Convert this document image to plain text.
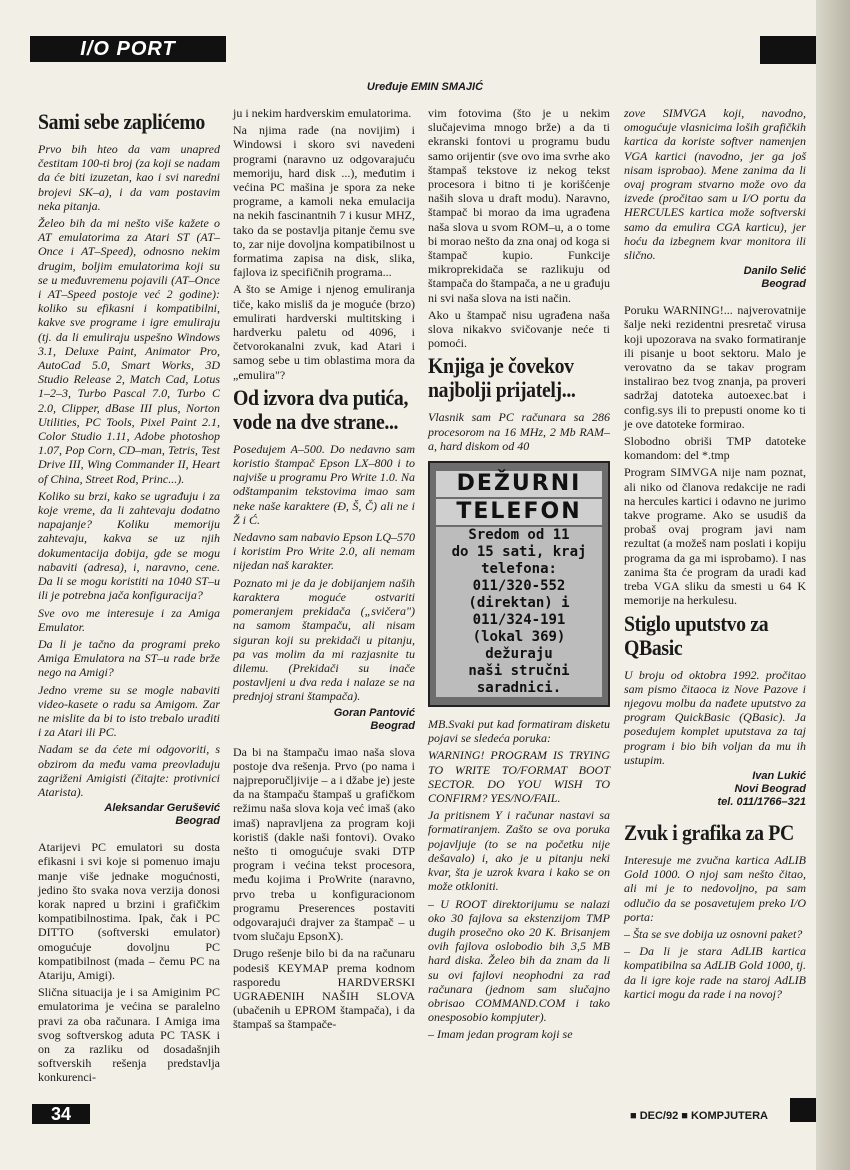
I/O PORT
Uređuje EMIN SMAJIĆ
Sami sebe zaplićemo

Prvo bih hteo da vam unapred čestitam 100-ti broj (za koji se nadam da će biti izuzetan, kao i svi naredni brojevi SK–a), i da vam postavim neka pitanja.

Želeo bih da mi nešto više kažete o AT emulatorima za Atari ST (AT–Once i AT–Speed), odnosno nekim drugim, boljim emulatorima koji su se u međuvremenu pojavili (AT–Once i AT–Speed postoje već 2 godine): koliko su efikasni i kompatibilni, kakve sve programe i igre emuliraju (tj. da li emuliraju uspešno Windows 3.1, Deluxe Paint, Animator Pro, AutoCad 5.0, Smart Works, 3D Studio Release 2, Match Cad, Lotus 1–2–3, Turbo Pascal 7.0, Turbo C 2.0, Clipper, dBase III plus, Norton Utilities, PC Tools, Pixel Paint 2.1, Color Studio 1.11, Adobe photoshop 1.07, Pop Corn, CD–man, Tetris, Test Drive III, Wing Commander II, Heart of China, Street Rod, Princ...).

Koliko su brzi, kako se ugrađuju i za koje vreme, da li zahtevaju dodatno napajanje? Koliku memoriju zahtevaju, kakva se uz njih dokumentacija dobija, gde se mogu nabaviti (adresa), i, naravno, cene. Da li se mogu koristiti na 1040 ST–u ili je potrebna jača konfiguracija?

Sve ovo me interesuje i za Amiga Emulator.

Da li je tačno da programi preko Amiga Emulatora na ST–u rade brže nego na Amigi?

Jedno vreme su se mogle nabaviti video-kasete o radu sa Amigom. Zar ne mislite da bi to isto trebalo uraditi i za Atari ili PC.

Nadam se da ćete mi odgovoriti, s obzirom da među vama preovladuju zagriženi Amigisti (čitajte: protivnici Atarista).

Aleksandar Gerušević
Beograd

Atarijevi PC emulatori su dosta efikasni i svi koje si pomenuo imaju manje više jednake mogućnosti, jedino što svaka nova verzija donosi korak napred u brzini i grafičkim kompatibilnostima. Ipak, čak i PC DITTO (softverski emulator) omogućuje dovoljnu PC kompatibilnost (mada – čemu PC na Atariju, Amigi).

Slična situacija je i sa Amiginim PC emulatorima je većina se paralelno pravi za oba računara. I Amiga ima svog softverskog aduta PC TASK i on za razliku od dosadašnjih softverskih rešenja predstavlja konkurenci-

ju i nekim hardverskim emulatorima.

Na njima rade (na novijim) i Windowsi i skoro svi navedeni programi (naravno uz odgovarajuću memoriju, hard disk ...), međutim i većina PC mašina je spora za neke programe, a kamoli neka emulacija na nekih fascinantnih 7 i kusur MHZ, tako da se postavlja pitanje čemu sve to, zar nije dovoljna kompatibilnost u formatima zapisa na disk, slika, fajlova iz specifičnih programa...

A što se Amige i njenog emuliranja tiče, kako misliš da je moguće (brzo) emulirati hardverski multitsking i hardverku paletu od 4096, i četvorokanalni zvuk, kad Atari i samog sebe u tim oblastima mora da „emulira"?

Od izvora dva putića, vode na dve strane...

Posedujem A–500. Do nedavno sam koristio štampač Epson LX–800 i to najviše u programu Pro Write 1.0. Na odštampanim tekstovima imao sam neke naše karaktere (Đ, Š, Č) ali ne i Ž i Ć.

Nedavno sam nabavio Epson LQ–570 i koristim Pro Write 2.0, ali nemam nijedan naš karakter.

Poznato mi je da je dobijanjem naših karaktera moguće ostvariti pomeranjem prekidača („svičera") na samom štampaču, ali nisam siguran koji su prekidači u pitanju, pa vas molim da mi razjasnite tu dilemu. (Prekidači su inače postavljeni u dva reda i nalaze se na prednjoj strani štampača).

Goran Pantović
Beograd

Da bi na štampaču imao naša slova postoje dva rešenja. Prvo (po nama i najpreporučljivije – a i džabe je) jeste da na štampaču štampaš u grafičkom režimu naša slova koja već imaš (ako imaš) napravljena za program koji koristiš (dakle naši fontovi). Ovako nešto ti omogućuje svaki DTP program i većina tekst procesora, među kojima i ProWrite (naravno, prvo treba u konfiguracionom programu Preserences postaviti odgovarajući drajver za štampač – u tvom slučaju EpsonX).

Drugo rešenje bilo bi da na računaru podesiš KEYMAP prema kodnom rasporedu HARDVERSKI UGRAĐENIH NAŠIH SLOVA (ubačenih u EPROM štampača), i da štampaš sa štampače-

vim fotovima (što je u nekim slučajevima mnogo brže) a da ti ekranski fontovi u programu budu samo orijentir (sve ovo ima svrhe ako štampaš tekstove iz nekog tekst procesora i bitno ti je korišćenje naših slova u draft modu). Naravno, štampač bi morao da ima ugrađena naša slova u svom ROM–u, a o tome bi morao nešto da zna onaj od koga si štampač kupio. Funkcije mikroprekidača se razlikuju od štampača do štampača, a ne u građuju ni svi naša slova na isti način.

Ako u štampač nisu ugrađena naša slova nikakvo svičovanje neće ti pomoći.

Knjiga je čovekov najbolji prijatelj...

Vlasnik sam PC računara sa 286 procesorom na 16 MHz, 2 Mb RAM–a, hard diskom od 40

DEŽURNI
TELEFON
Sredom od 11
do 15 sati, kraj
telefona:
011/320-552
(direktan) i
011/324-191
(lokal 369)
dežuraju
naši stručni
saradnici.

MB.Svaki put kad formatiram disketu pojavi se sledeća poruka:

WARNING! PROGRAM IS TRYING TO WRITE TO/FORMAT BOOT SECTOR. DO YOU WISH TO CONFIRM? YES/NO/FAIL.

Ja pritisnem Y i računar nastavi sa formatiranjem. Zašto se ova poruka pojavljuje (to se na početku nije dešavalo) i, ako je u pitanju neki kvar, šta je uzrok kvara i kako se on može otkloniti.

– U ROOT direktorijumu se nalazi oko 30 fajlova sa ekstenzijom TMP dugih prosečno oko 20 K. Brisanjem ovih fajlova oslobodio bih 3,5 MB hard diska. Želeo bih da znam da li su ovi fajlovi neophodni za rad računara (jednom sam slučajno obrisao COMMAND.COM i tako onesposobio kompjuter).

– Imam jedan program koji se

zove SIMVGA koji, navodno, omogućuje vlasnicima loših grafičkih kartica da koriste softver namenjen VGA kartici (navodno, jer ga još nisam isprobao). Mene zanima da li ovaj program stvarno može ovo da izvede (pročitao sam u I/O portu da HERCULES kartica može softverski samo da emulira CGA karticu), jer hoću da izbegnem kvar monitora ili slično.

Danilo Selić
Beograd

Poruku WARNING!... najverovatnije šalje neki rezidentni presretač virusa koji upozorava na svako formatiranje ili pisanje u boot sektoru. Malo je verovatno da se takav program instalirao bez tvog znanja, pa proveri sadržaj datoteka autoexec.bat i config.sys ili to prepusti onome ko ti je ove datoteke formirao.

Slobodno obriši TMP datoteke komandom: del *.tmp

Program SIMVGA nije nam poznat, ali niko od članova redakcije ne radi na hercules kartici i odavno ne jurimo takve programe. Ako se usudiš da probaš ovaj program javi nam rezultat (a možeš nam poslati i kopiju programa da ga mi isprobamo). I nas zanima šta će program da uradi kad treba VGA sliku da smesti u 64 K memorije na herkulesu.

Stiglo uputstvo za QBasic

U broju od oktobra 1992. pročitao sam pismo čitaoca iz Nove Pazove i njegovu molbu da nađete uputstvo za program QuickBasic (QBasic). Ja posedujem komplet uputstava za taj program i bio bih voljan da mu ih ustupim.

Ivan Lukić
Novi Beograd
tel. 011/1766–321
Zvuk i grafika za PC

Interesuje me zvučna kartica AdLIB Gold 1000. O njoj sam nešto čitao, ali mi je to nedovoljno, pa sam odlučio da se posavetujem preko I/O porta:

– Šta se sve dobija uz osnovni paket?

– Da li je stara AdLIB kartica kompatibilna sa AdLIB Gold 1000, tj. da li igre koje rade na staroj AdLIB kartici mogu da rade i na novoj?

34	■ DEC/92 ■ KOMPJUTERA
